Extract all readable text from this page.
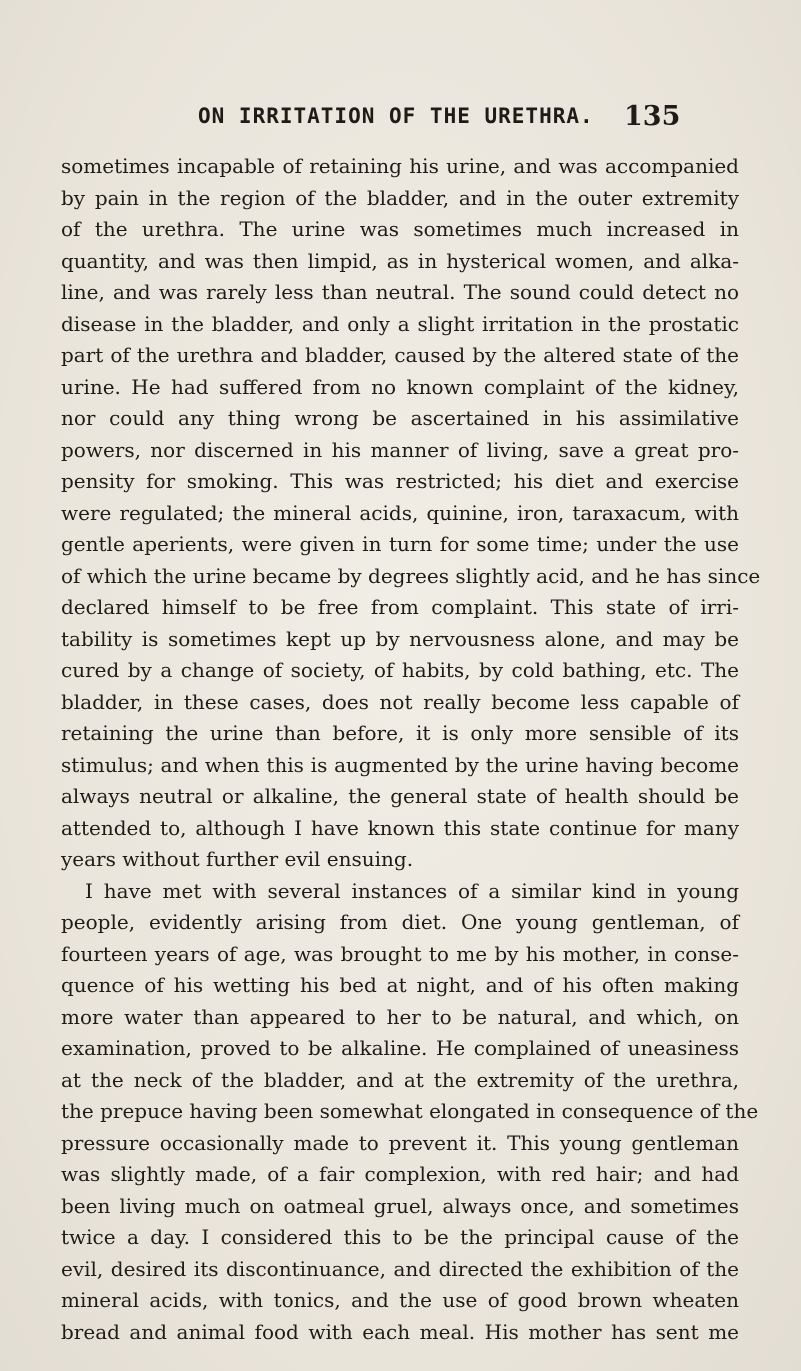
ON IRRITATION OF THE URETHRA. 135
sometimes incapable of retaining his urine, and was accompanied
by pain in the region of the bladder, and in the outer extremity
of the urethra. The urine was sometimes much increased in
quantity, and was then limpid, as in hysterical women, and alka-
line, and was rarely less than neutral. The sound could detect no
disease in the bladder, and only a slight irritation in the prostatic
part of the urethra and bladder, caused by the altered state of the
urine. He had suffered from no known complaint of the kidney,
nor could any thing wrong be ascertained in his assimilative
powers, nor discerned in his manner of living, save a great pro-
pensity for smoking. This was restricted; his diet and exercise
were regulated; the mineral acids, quinine, iron, taraxacum, with
gentle aperients, were given in turn for some time; under the use
of which the urine became by degrees slightly acid, and he has since
declared himself to be free from complaint. This state of irri-
tability is sometimes kept up by nervousness alone, and may be
cured by a change of society, of habits, by cold bathing, etc. The
bladder, in these cases, does not really become less capable of
retaining the urine than before, it is only more sensible of its
stimulus; and when this is augmented by the urine having become
always neutral or alkaline, the general state of health should be
attended to, although I have known this state continue for many
years without further evil ensuing.
I have met with several instances of a similar kind in young
people, evidently arising from diet. One young gentleman, of
fourteen years of age, was brought to me by his mother, in conse-
quence of his wetting his bed at night, and of his often making
more water than appeared to her to be natural, and which, on
examination, proved to be alkaline. He complained of uneasiness
at the neck of the bladder, and at the extremity of the urethra,
the prepuce having been somewhat elongated in consequence of the
pressure occasionally made to prevent it. This young gentleman
was slightly made, of a fair complexion, with red hair; and had
been living much on oatmeal gruel, always once, and sometimes
twice a day. I considered this to be the principal cause of the
evil, desired its discontinuance, and directed the exhibition of the
mineral acids, with tonics, and the use of good brown wheaten
bread and animal food with each meal. His mother has sent me
